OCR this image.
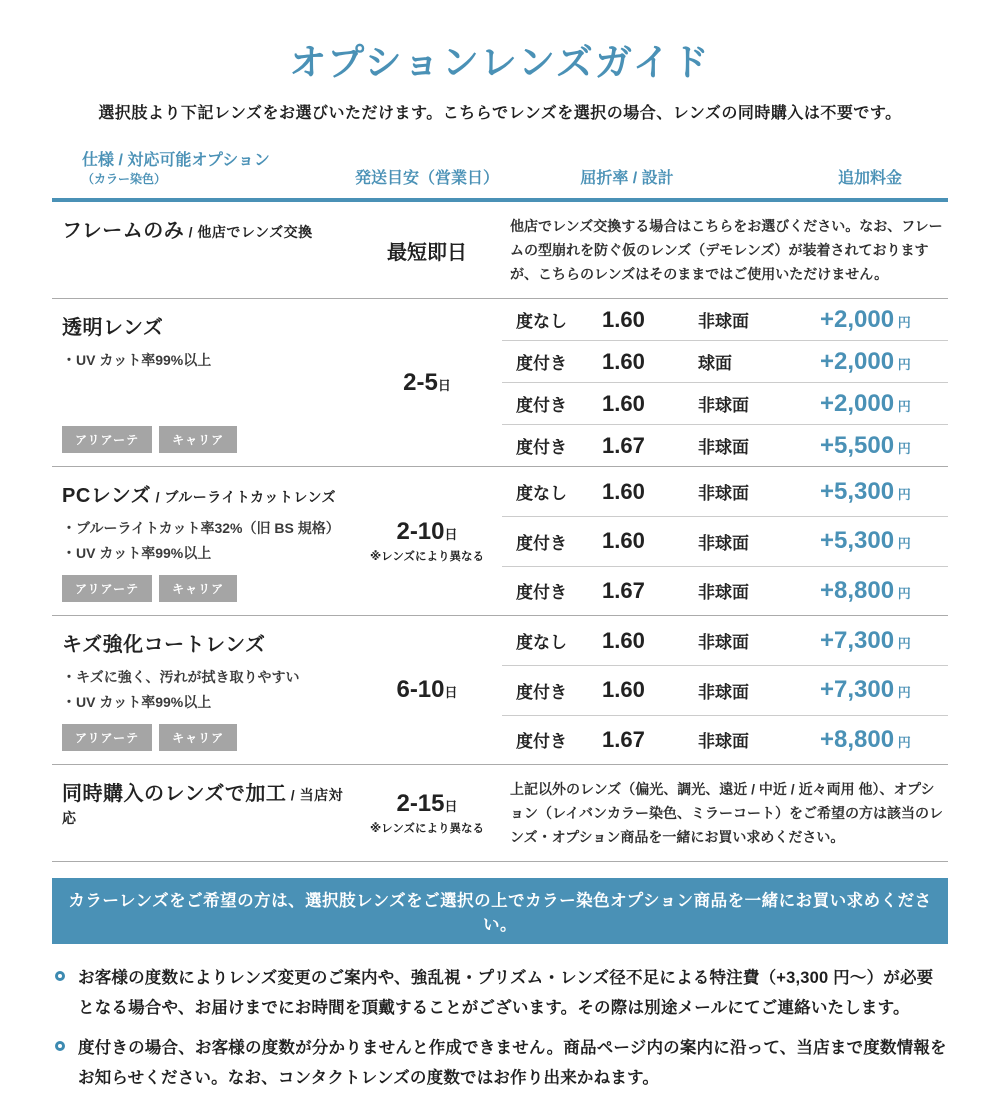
オプションレンズガイド
選択肢より下記レンズをお選びいただけます。こちらでレンズを選択の場合、レンズの同時購入は不要です。
仕様 / 対応可能オプション（カラー染色）	発送目安（営業日）	屈折率 / 設計	追加料金
フレームのみ / 他店でレンズ交換
最短即日
他店でレンズ交換する場合はこちらをお選びください。なお、フレームの型崩れを防ぐ仮のレンズ（デモレンズ）が装着されておりますが、こちらのレンズはそのままではご使用いただけません。
透明レンズ
・UV カット率99%以上
アリアーテ	キャリア
2-5日
度なし	1.60	非球面	+2,000 円
度付き	1.60	球面	+2,000 円
度付き	1.60	非球面	+2,000 円
度付き	1.67	非球面	+5,500 円
PCレンズ / ブルーライトカットレンズ
・ブルーライトカット率32%（旧 BS 規格）
・UV カット率99%以上
アリアーテ	キャリア
2-10日
※レンズにより異なる
度なし	1.60	非球面	+5,300 円
度付き	1.60	非球面	+5,300 円
度付き	1.67	非球面	+8,800 円
キズ強化コートレンズ
・キズに強く、汚れが拭き取りやすい
・UV カット率99%以上
アリアーテ	キャリア
6-10日
度なし	1.60	非球面	+7,300 円
度付き	1.60	非球面	+7,300 円
度付き	1.67	非球面	+8,800 円
同時購入のレンズで加工 / 当店対応
2-15日
※レンズにより異なる
上記以外のレンズ（偏光、調光、遠近 / 中近 / 近々両用 他）、オプション（レイバンカラー染色、ミラーコート）をご希望の方は該当のレンズ・オプション商品を一緒にお買い求めください。
カラーレンズをご希望の方は、選択肢レンズをご選択の上でカラー染色オプション商品を一緒にお買い求めください。
お客様の度数によりレンズ変更のご案内や、強乱視・プリズム・レンズ径不足による特注費（+3,300 円～）が必要となる場合や、お届けまでにお時間を頂戴することがございます。その際は別途メールにてご連絡いたします。
度付きの場合、お客様の度数が分かりませんと作成できません。商品ページ内の案内に沿って、当店まで度数情報をお知らせください。なお、コンタクトレンズの度数ではお作り出来かねます。
